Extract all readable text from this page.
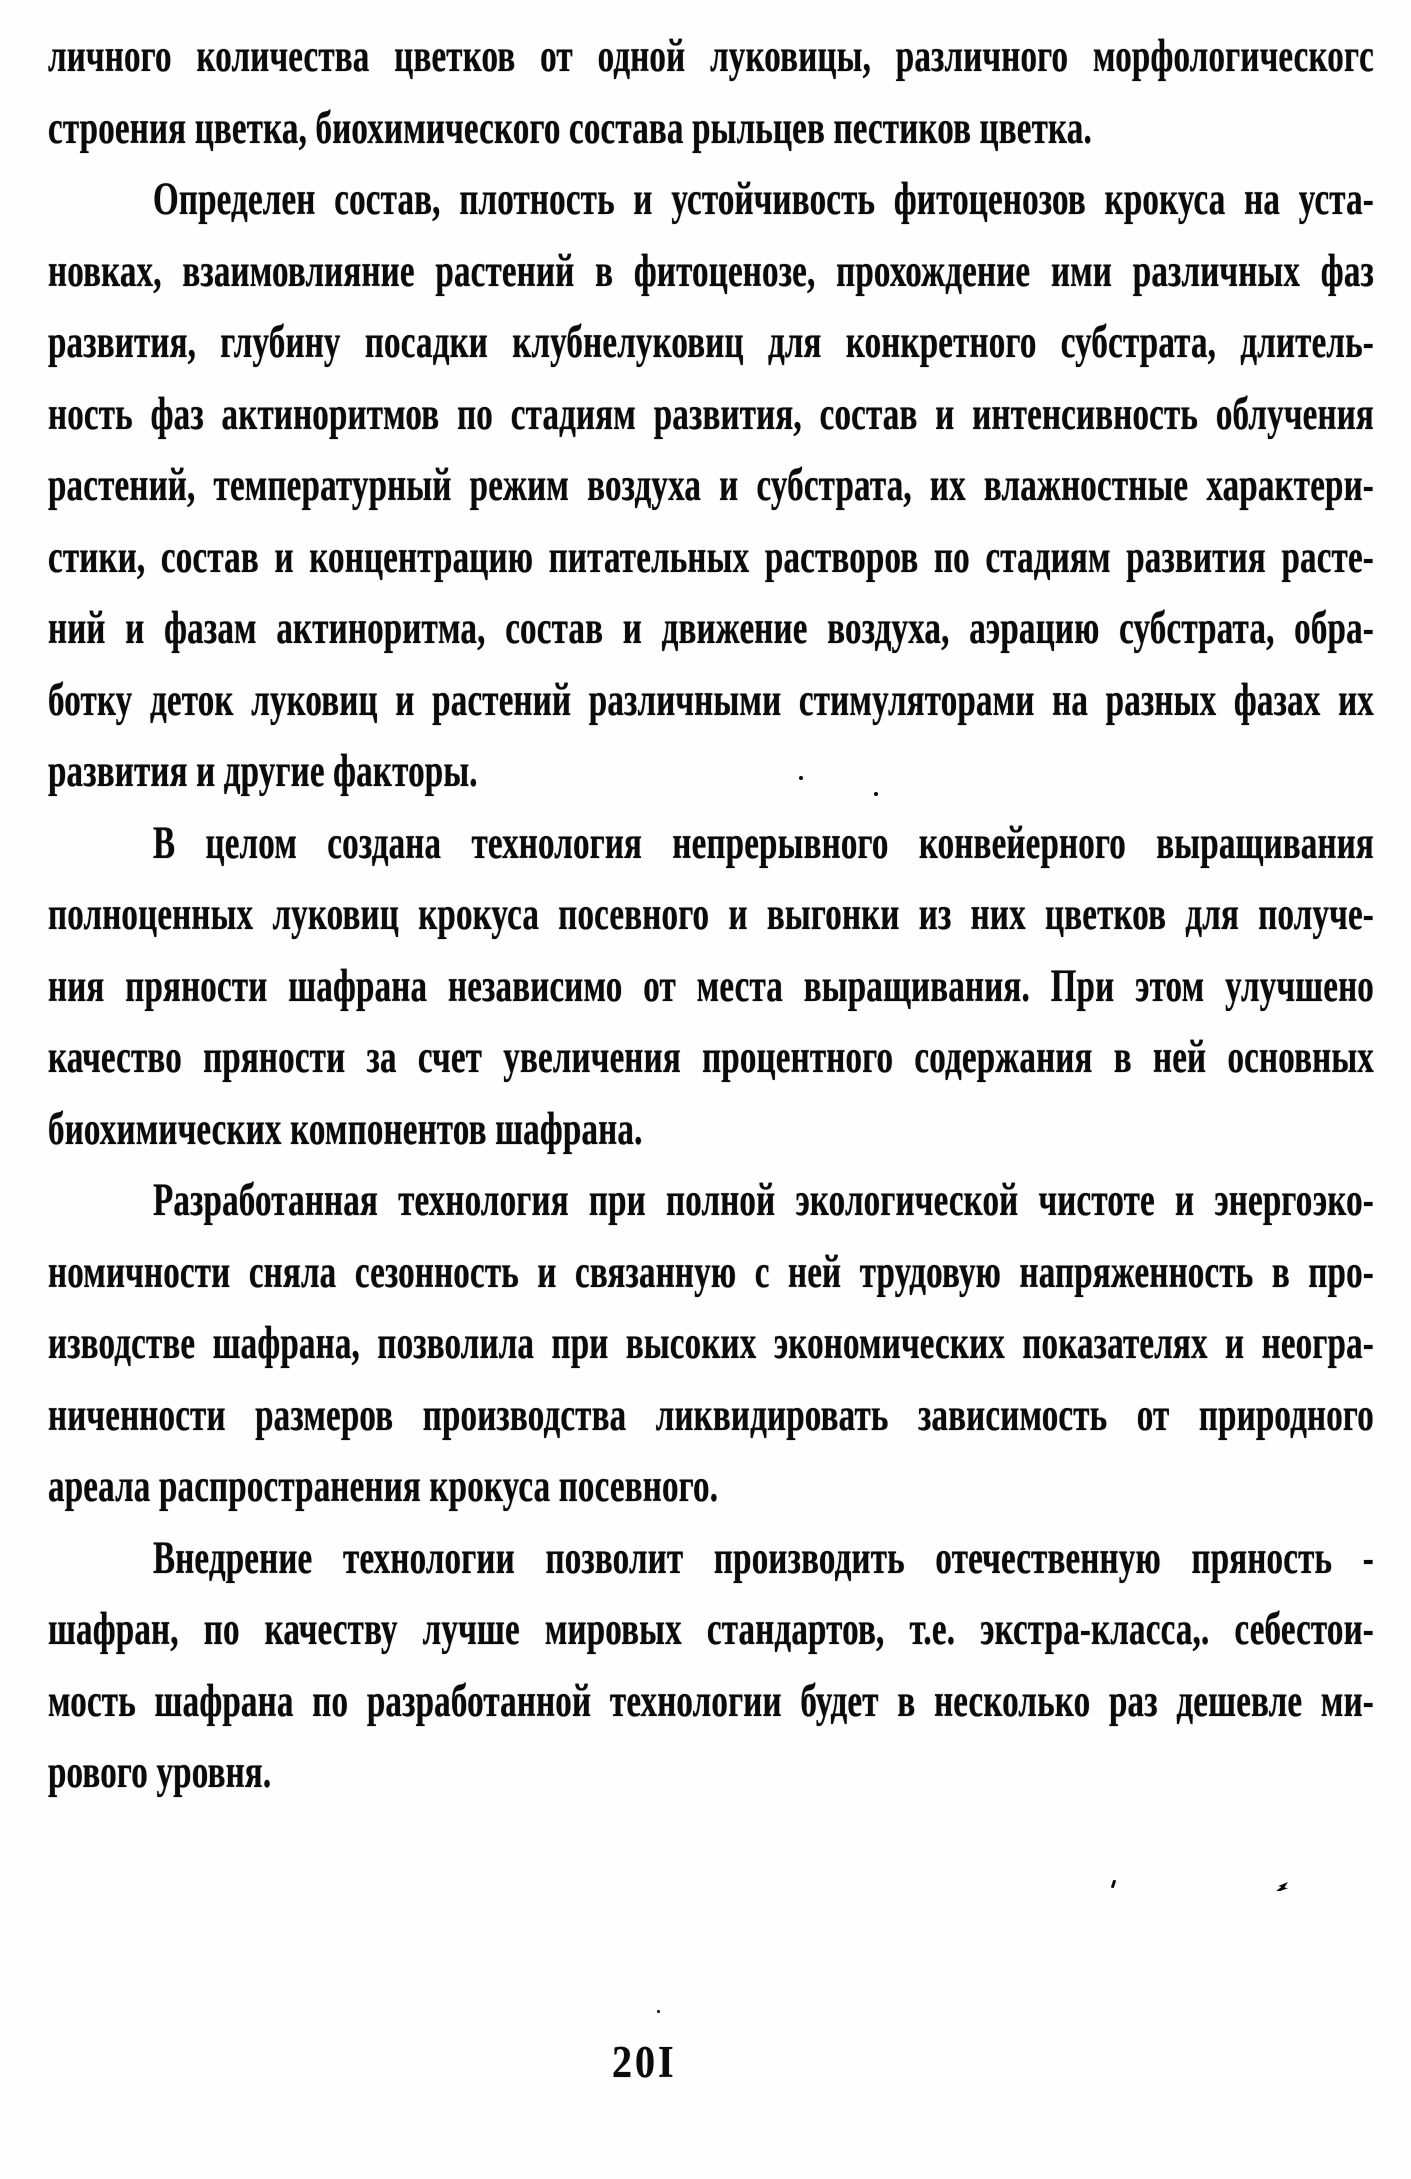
личного количества цветков от одной луковицы, различного морфологическогс
строения цветка, биохимического состава рыльцев пестиков цветка.
Определен состав, плотность и устойчивость фитоценозов крокуса на уста-
новках, взаимовлияние растений в фитоценозе, прохождение ими различных фаз
развития, глубину посадки клубнелуковиц для конкретного субстрата, длитель-
ность фаз актиноритмов по стадиям развития, состав и интенсивность облучения
растений, температурный режим воздуха и субстрата, их влажностные характери-
стики, состав и концентрацию питательных растворов по стадиям развития расте-
ний и фазам актиноритма, состав и движение воздуха, аэрацию субстрата, обра-
ботку деток луковиц и растений различными стимуляторами на разных фазах их
развития и другие факторы.
В целом создана технология непрерывного конвейерного выращивания
полноценных луковиц крокуса посевного и выгонки из них цветков для получе-
ния пряности шафрана независимо от места выращивания. При этом улучшено
качество пряности за счет увеличения процентного содержания в ней основных
биохимических компонентов шафрана.
Разработанная технология при полной экологической чистоте и энергоэко-
номичности сняла сезонность и связанную с ней трудовую напряженность в про-
изводстве шафрана, позволила при высоких экономических показателях и неогра-
ниченности размеров производства ликвидировать зависимость от природного
ареала распространения крокуса посевного.
Внедрение технологии позволит производить отечественную пряность -
шафран, по качеству лучше мировых стандартов, т.е. экстра-класса,. себестои-
мость шафрана по разработанной технологии будет в несколько раз дешевле ми-
рового уровня.
20I
